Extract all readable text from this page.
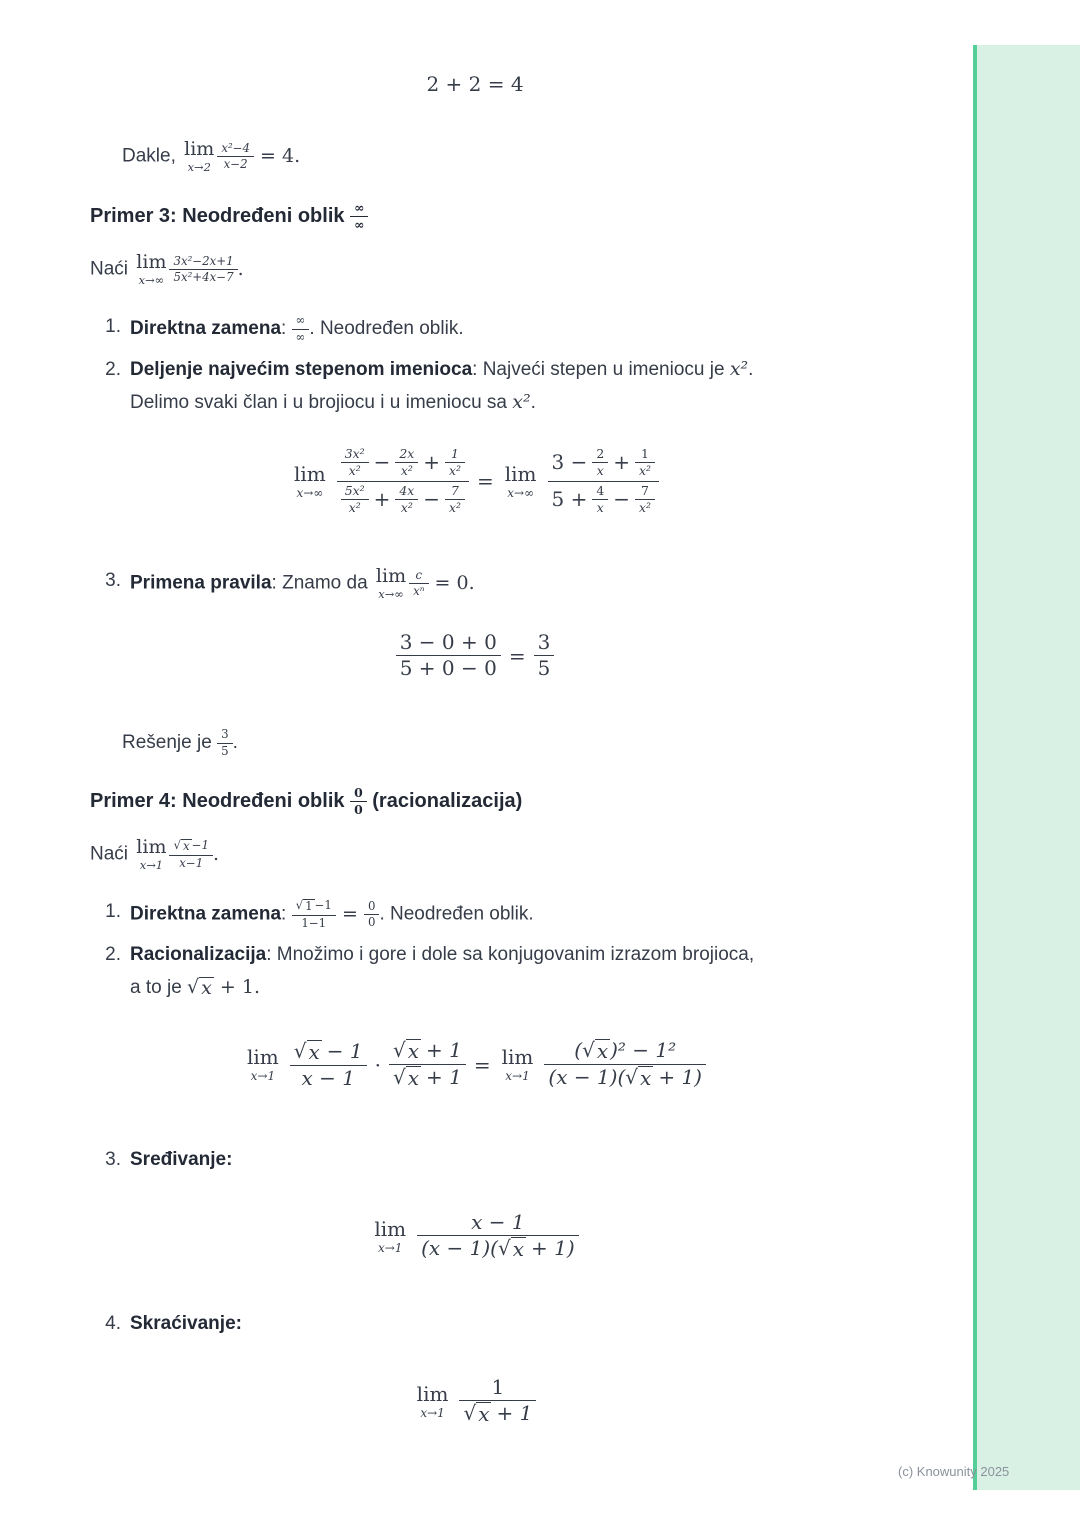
2 + 2 = 4
Dakle, lim
$x\to 2 \frac{\text{x²−4}}{x-2} = 4$.
Primer 3: Neodređeni oblik ∞
∞
Naći lim
$x\to\infty \frac{\text{3x²−2x+1}}{\text{5x²+4x−7}}$ .
1. Direktna zamena: ∞
∞ . Neodređen oblik.
2. Deljenje najvećim stepenom imenioca: Najveći stepen u imeniocu je x².
Delimo svaki član i u brojiocu i u imeniocu sa x².
lim
$x\to\infty \frac{\frac{\text{3x²}}{\text{x²}} - \frac{2x}{\text{x²}} + \frac{1}{\text{x²}}}{\frac{\text{5x²}}{\text{x²}} + \frac{4x}{\text{x²}} - \frac{7}{\text{x²}}} = \lim$
$x\to\infty \frac{3 - \frac{2}{x} + \frac{1}{\text{x²}}}{5 + \frac{4}{x} - \frac{7}{\text{x²}}}$
3. Primena pravila: Znamo da lim
$x\to\infty \frac{c}{\text{xⁿ}} = 0$.
$\frac{3 - 0 + 0}{5 + 0 - 0} = \frac{3}{5}$
Rešenje je $\frac{3}{5}$ .
Primer 4: Neodređeni oblik $\frac{0}{0}$ (racionalizacija)
Naći lim
$x\to 1 \frac{√ x -1}{x-1}$ .
1. Direktna zamena: $\frac{√ 1 -1}{1-1} = \frac{0}{0}$ . Neodređen oblik.
2. Racionalizacija: Množimo i gore i dole sa konjugovanim izrazom brojioca,
a to je √ x + 1.
lim
$x\to 1 \frac{√ x - 1}{x - 1} \cdot \frac{√ x + 1}{√ x + 1} = \lim$
$x\to 1 \frac{\text{( √ x )² − 1²}}{(x - 1)( √ x + 1)}$
3. Sređivanje:
lim
$x\to 1 \frac{x - 1}{(x - 1)( √ x + 1)}$
4. Skraćivanje:
lim
$x\to 1 \frac{1}{√ x + 1}$
(c) Knowunity 2025
